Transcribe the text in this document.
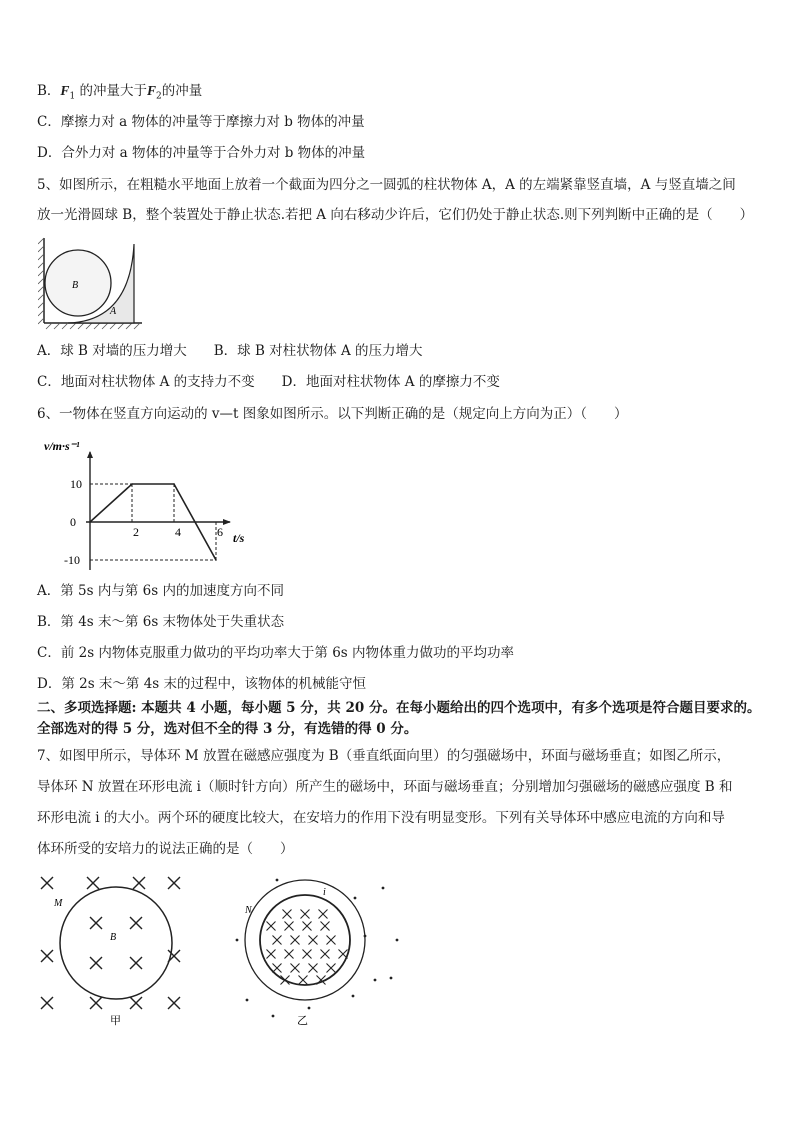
B．$F_1$ 的冲量大于$F_2$的冲量
C．摩擦力对 a 物体的冲量等于摩擦力对 b 物体的冲量
D．合外力对 a 物体的冲量等于合外力对 b 物体的冲量
5、如图所示，在粗糙水平地面上放着一个截面为四分之一圆弧的柱状物体 A，A 的左端紧靠竖直墙，A 与竖直墙之间
放一光滑圆球 B，整个装置处于静止状态.若把 A 向右移动少许后，它们仍处于静止状态.则下列判断中正确的是（　　）
B
A
A．球 B 对墙的压力增大　　B．球 B 对柱状物体 A 的压力增大
C．地面对柱状物体 A 的支持力不变　　D．地面对柱状物体 A 的摩擦力不变
6、一物体在竖直方向运动的 v—t 图象如图所示。以下判断正确的是（规定向上方向为正）（　　）
v/m·s⁻¹
t/s
2	4	6
10
0
-10
A．第 5s 内与第 6s 内的加速度方向不同
B．第 4s 末～第 6s 末物体处于失重状态
C．前 2s 内物体克服重力做功的平均功率大于第 6s 内物体重力做功的平均功率
D．第 2s 末～第 4s 末的过程中，该物体的机械能守恒
二、多项选择题: 本题共 4 小题，每小题 5 分，共 20 分。在每小题给出的四个选项中，有多个选项是符合题目要求的。
全部选对的得 5 分，选对但不全的得 3 分，有选错的得 0 分。
7、如图甲所示，导体环 M 放置在磁感应强度为 B（垂直纸面向里）的匀强磁场中，环面与磁场垂直；如图乙所示，
导体环 N 放置在环形电流 i（顺时针方向）所产生的磁场中，环面与磁场垂直；分别增加匀强磁场的磁感应强度 B 和
环形电流 i 的大小。两个环的硬度比较大，在安培力的作用下没有明显变形。下列有关导体环中感应电流的方向和导
体环所受的安培力的说法正确的是（　　）
M
B
甲
N
i
乙
